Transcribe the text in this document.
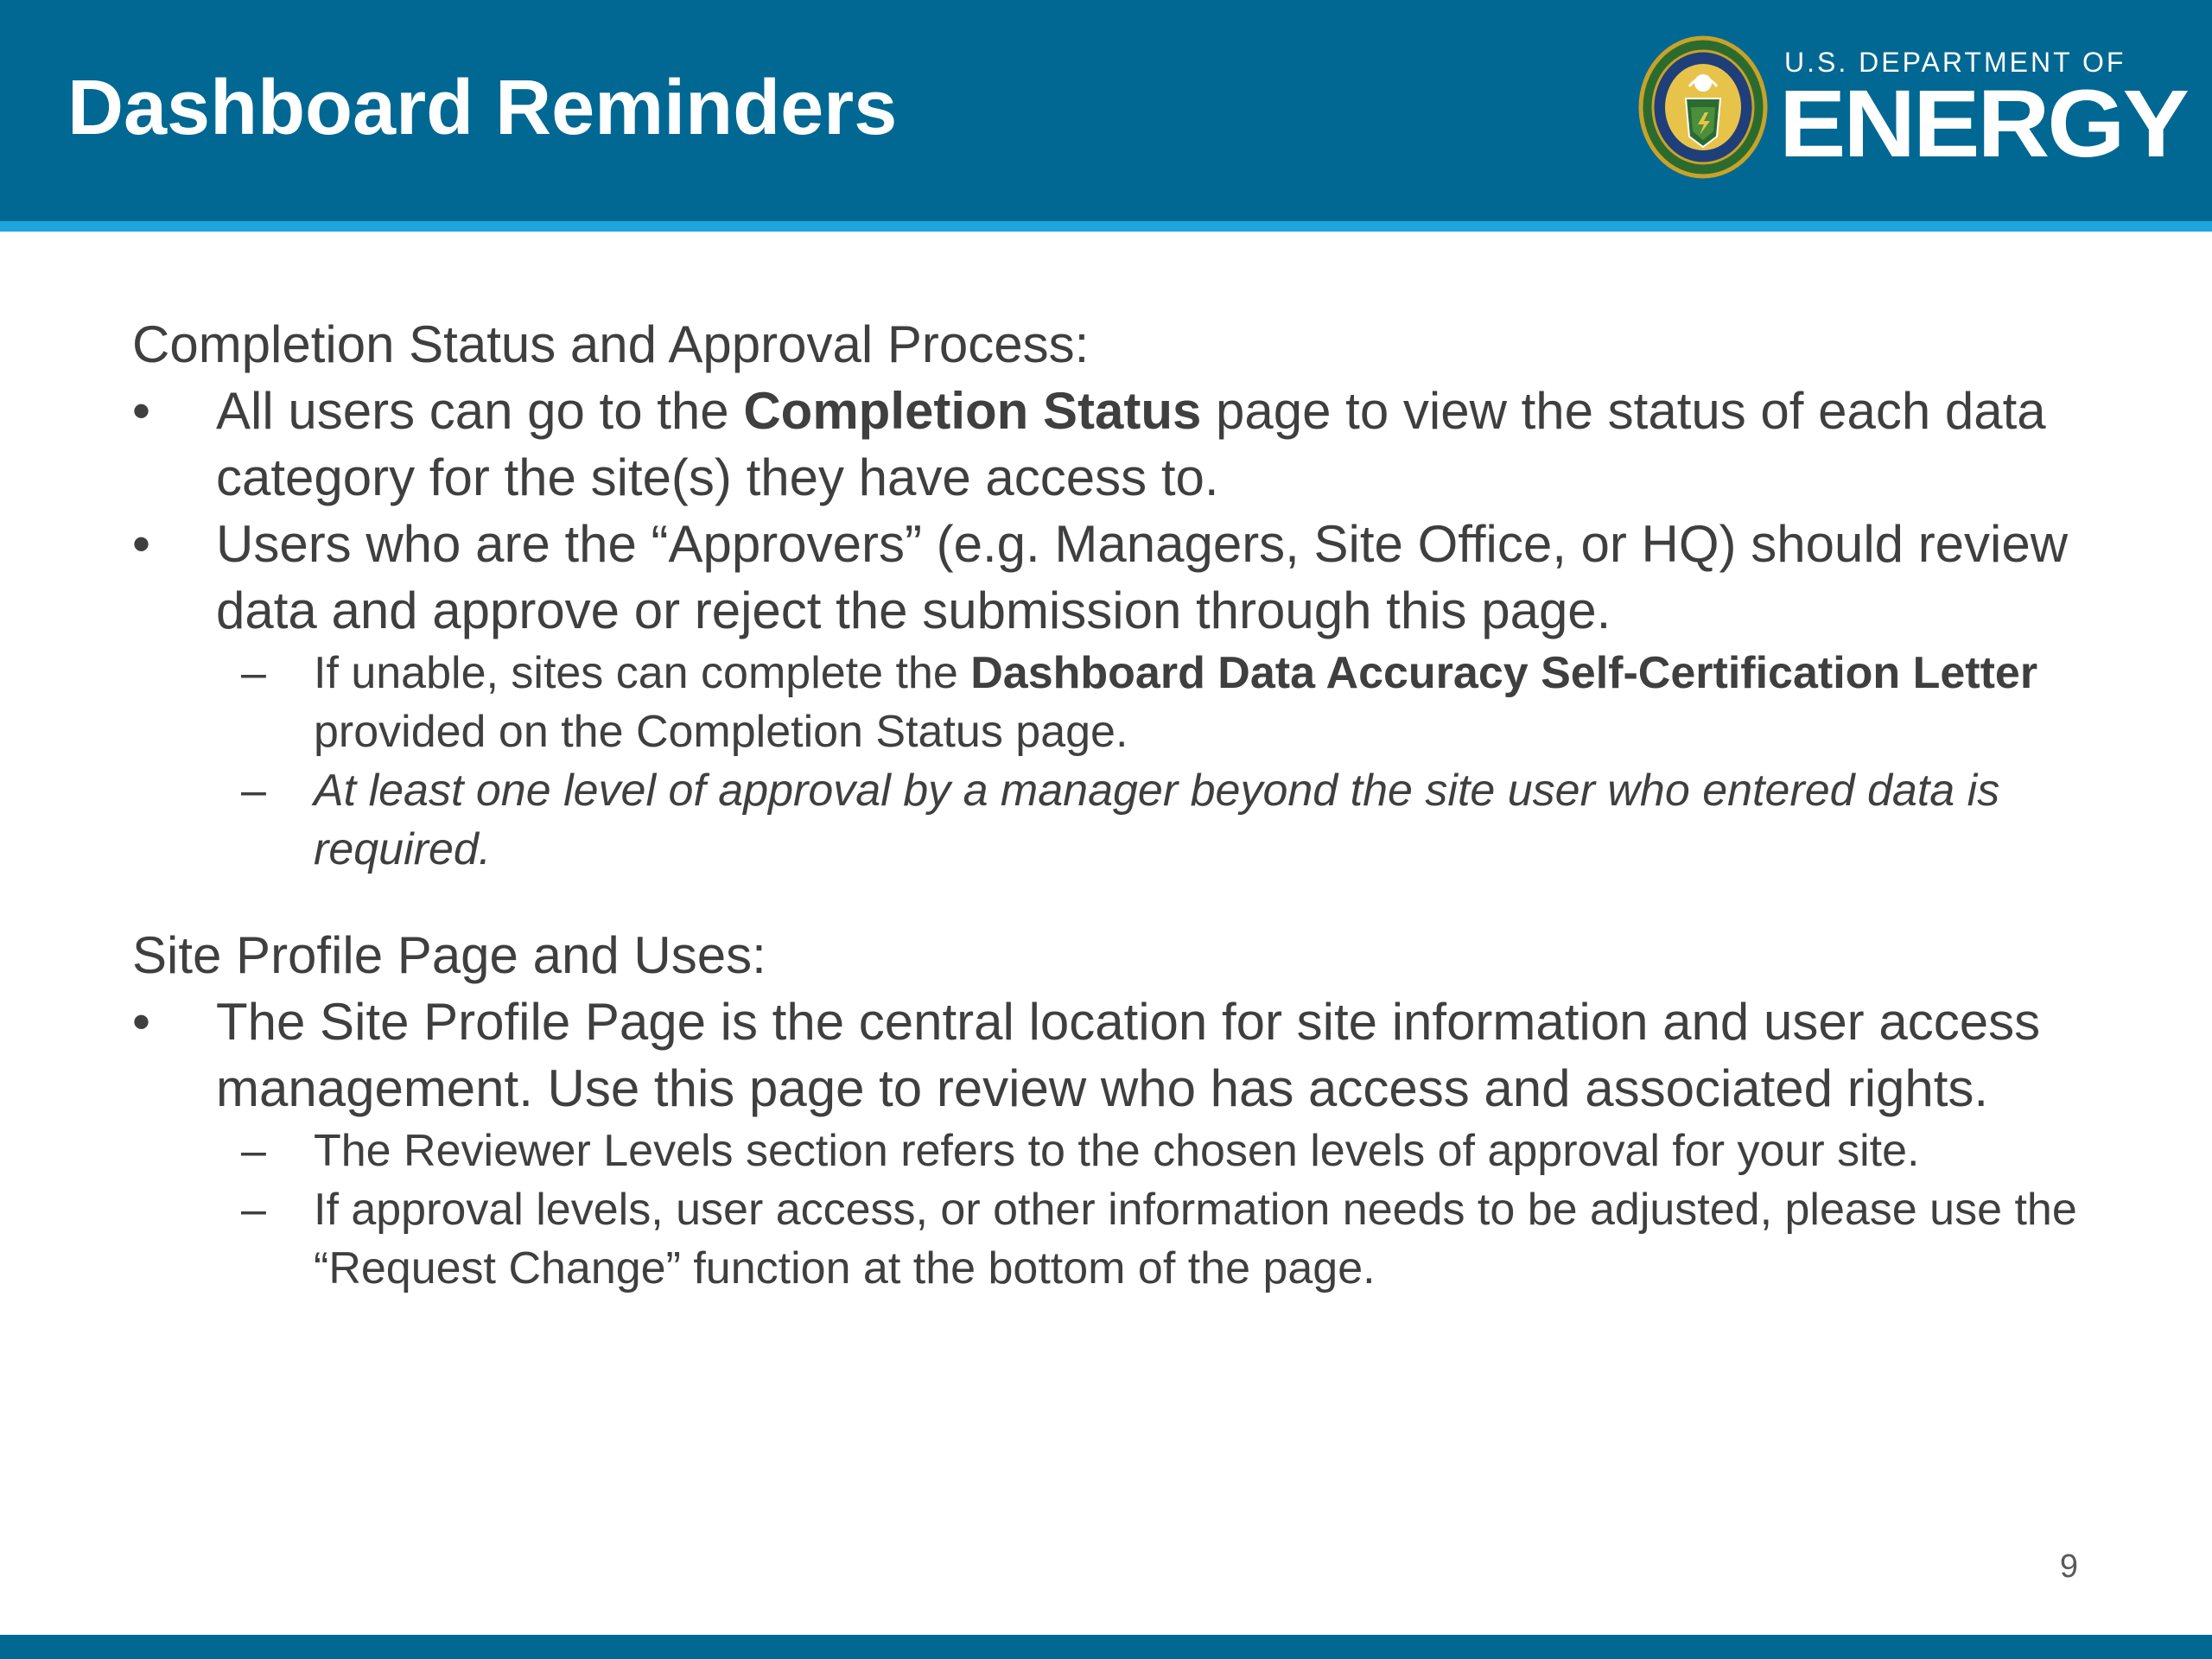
Dashboard Reminders
U.S. DEPARTMENT OF
ENERGY

Completion Status and Approval Process:

•	All users can go to the Completion Status page to view the status of each data category for the site(s) they have access to.
•	Users who are the “Approvers” (e.g. Managers, Site Office, or HQ) should review data and approve or reject the submission through this page.
–	If unable, sites can complete the Dashboard Data Accuracy Self-Certification Letter provided on the Completion Status page.
–	At least one level of approval by a manager beyond the site user who entered data is required.

Site Profile Page and Uses:

•	The Site Profile Page is the central location for site information and user access management. Use this page to review who has access and associated rights.
–	The Reviewer Levels section refers to the chosen levels of approval for your site.
–	If approval levels, user access, or other information needs to be adjusted, please use the “Request Change” function at the bottom of the page.
9
